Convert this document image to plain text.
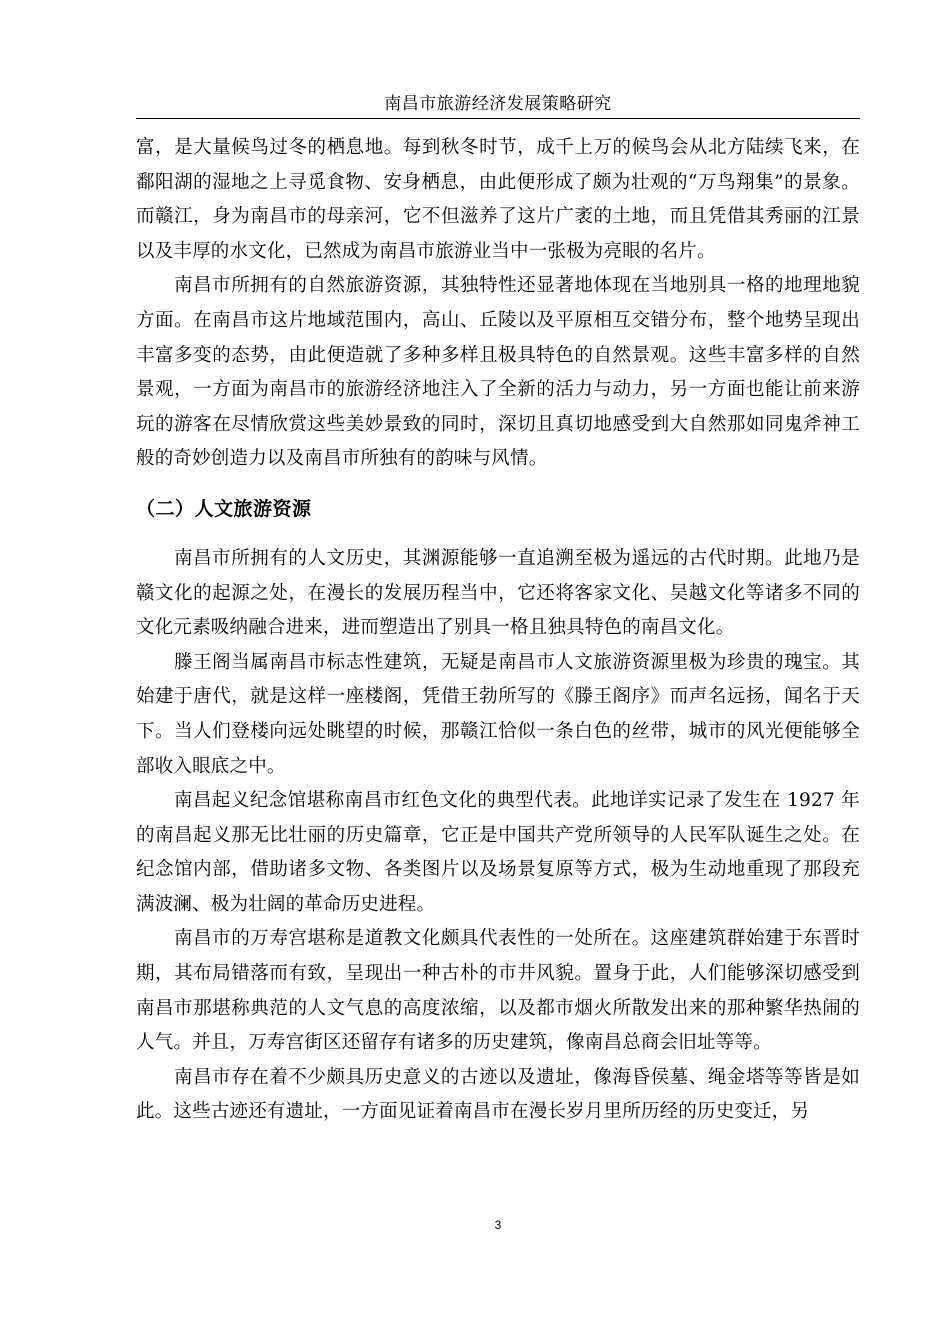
南昌市旅游经济发展策略研究

富，是大量候鸟过冬的栖息地。每到秋冬时节，成千上万的候鸟会从北方陆续飞来，在鄱阳湖的湿地之上寻觅食物、安身栖息，由此便形成了颇为壮观的“万鸟翔集”的景象。而赣江，身为南昌市的母亲河，它不但滋养了这片广袤的土地，而且凭借其秀丽的江景以及丰厚的水文化，已然成为南昌市旅游业当中一张极为亮眼的名片。

南昌市所拥有的自然旅游资源，其独特性还显著地体现在当地别具一格的地理地貌方面。在南昌市这片地域范围内，高山、丘陵以及平原相互交错分布，整个地势呈现出丰富多变的态势，由此便造就了多种多样且极具特色的自然景观。这些丰富多样的自然景观，一方面为南昌市的旅游经济地注入了全新的活力与动力，另一方面也能让前来游玩的游客在尽情欣赏这些美妙景致的同时，深切且真切地感受到大自然那如同鬼斧神工般的奇妙创造力以及南昌市所独有的韵味与风情。

（二）人文旅游资源

南昌市所拥有的人文历史，其渊源能够一直追溯至极为遥远的古代时期。此地乃是赣文化的起源之处，在漫长的发展历程当中，它还将客家文化、吴越文化等诸多不同的文化元素吸纳融合进来，进而塑造出了别具一格且独具特色的南昌文化。

滕王阁当属南昌市标志性建筑，无疑是南昌市人文旅游资源里极为珍贵的瑰宝。其始建于唐代，就是这样一座楼阁，凭借王勃所写的《滕王阁序》而声名远扬，闻名于天下。当人们登楼向远处眺望的时候，那赣江恰似一条白色的丝带，城市的风光便能够全部收入眼底之中。

南昌起义纪念馆堪称南昌市红色文化的典型代表。此地详实记录了发生在 1927 年的南昌起义那无比壮丽的历史篇章，它正是中国共产党所领导的人民军队诞生之处。在纪念馆内部，借助诸多文物、各类图片以及场景复原等方式，极为生动地重现了那段充满波澜、极为壮阔的革命历史进程。

南昌市的万寿宫堪称是道教文化颇具代表性的一处所在。这座建筑群始建于东晋时期，其布局错落而有致，呈现出一种古朴的市井风貌。置身于此，人们能够深切感受到南昌市那堪称典范的人文气息的高度浓缩，以及都市烟火所散发出来的那种繁华热闹的人气。并且，万寿宫街区还留存有诸多的历史建筑，像南昌总商会旧址等等。

南昌市存在着不少颇具历史意义的古迹以及遗址，像海昏侯墓、绳金塔等等皆是如此。这些古迹还有遗址，一方面见证着南昌市在漫长岁月里所历经的历史变迁，另

3
